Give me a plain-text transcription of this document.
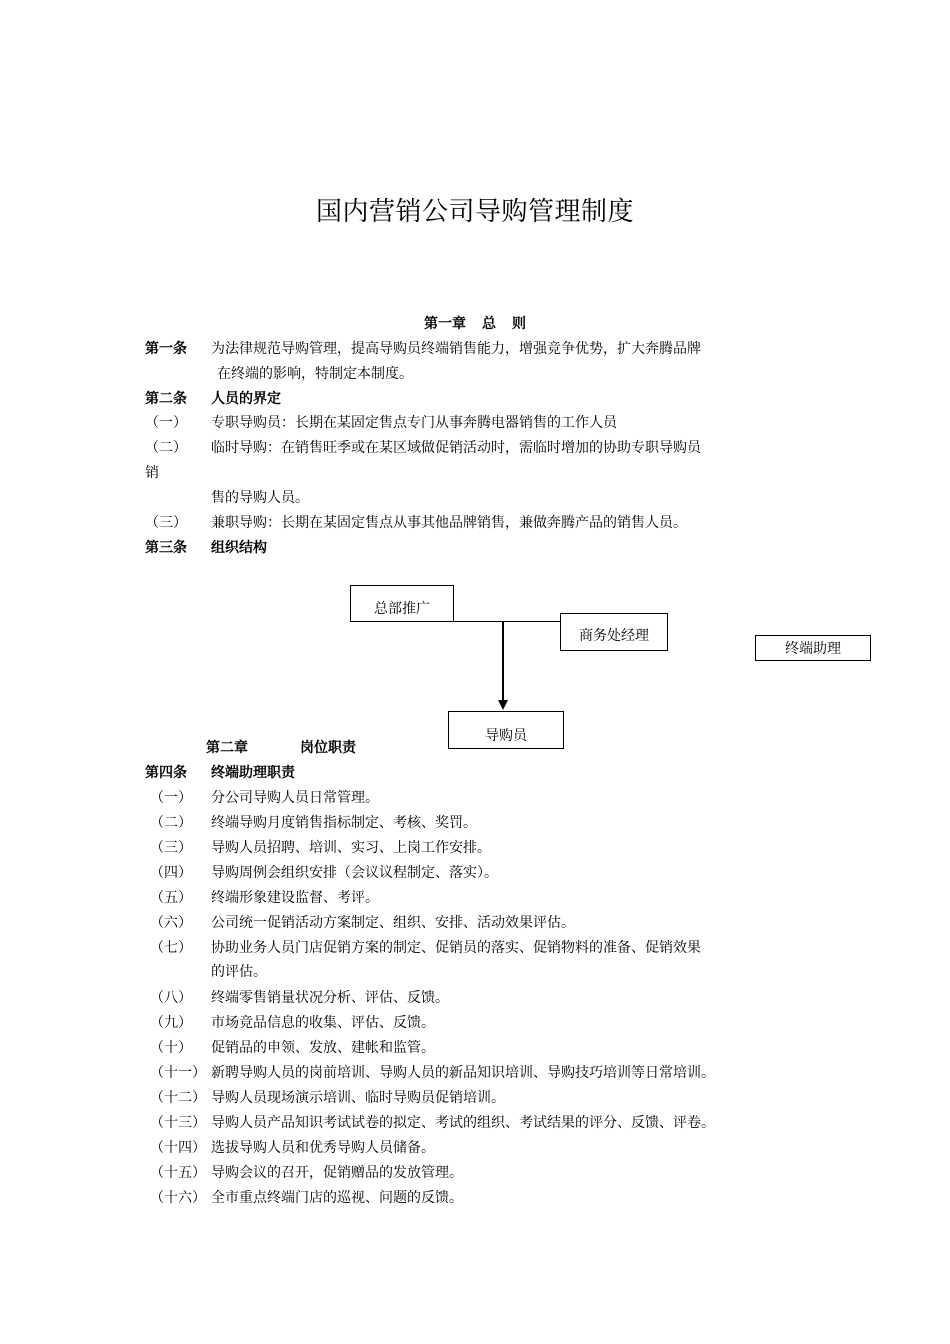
国内营销公司导购管理制度
第一章 总 则
第一条 为法律规范导购管理，提高导购员终端销售能力，增强竞争优势，扩大奔腾品牌
在终端的影响，特制定本制度。
第二条 人员的界定
（一） 专职导购员：长期在某固定售点专门从事奔腾电器销售的工作人员
（二） 临时导购：在销售旺季或在某区域做促销活动时，需临时增加的协助专职导购员
销
售的导购人员。
（三） 兼职导购：长期在某固定售点从事其他品牌销售，兼做奔腾产品的销售人员。
第三条 组织结构
总部推广
商务处经理
终端助理
导购员
第二章	岗位职责
第四条 终端助理职责
（一） 分公司导购人员日常管理。
（二） 终端导购月度销售指标制定、考核、奖罚。
（三） 导购人员招聘、培训、实习、上岗工作安排。
（四） 导购周例会组织安排（会议议程制定、落实）。
（五） 终端形象建设监督、考评。
（六） 公司统一促销活动方案制定、组织、安排、活动效果评估。
（七） 协助业务人员门店促销方案的制定、促销员的落实、促销物料的准备、促销效果
的评估。
（八） 终端零售销量状况分析、评估、反馈。
（九） 市场竞品信息的收集、评估、反馈。
（十） 促销品的申领、发放、建帐和监管。
（十一） 新聘导购人员的岗前培训、导购人员的新品知识培训、导购技巧培训等日常培训。
（十二） 导购人员现场演示培训、临时导购员促销培训。
（十三） 导购人员产品知识考试试卷的拟定、考试的组织、考试结果的评分、反馈、评卷。
（十四） 选拔导购人员和优秀导购人员储备。
（十五） 导购会议的召开，促销赠品的发放管理。
（十六） 全市重点终端门店的巡视、问题的反馈。
